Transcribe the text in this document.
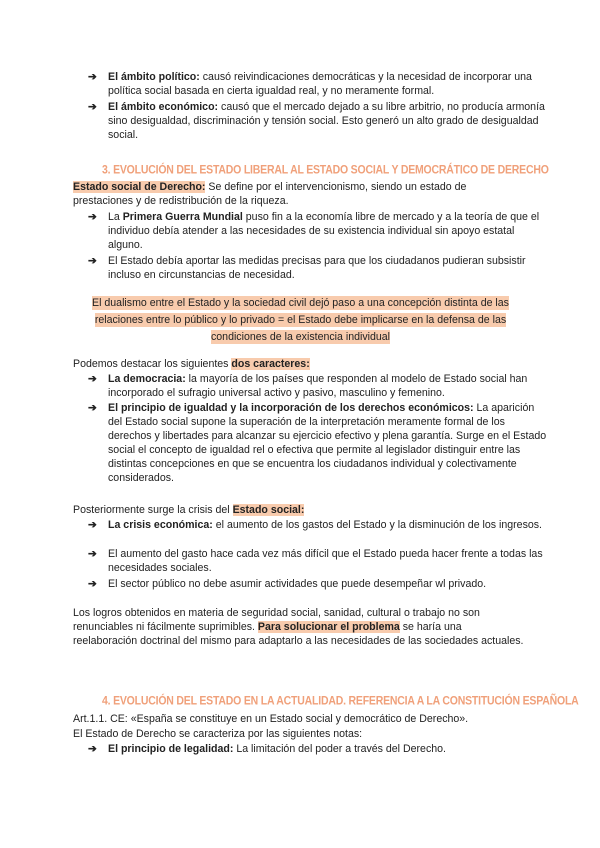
➔ El ámbito político: causó reivindicaciones democráticas y la necesidad de incorporar una política social basada en cierta igualdad real, y no meramente formal.
➔ El ámbito económico: causó que el mercado dejado a su libre arbitrio, no producía armonía sino desigualdad, discriminación y tensión social. Esto generó un alto grado de desigualdad social.
3. EVOLUCIÓN DEL ESTADO LIBERAL AL ESTADO SOCIAL Y DEMOCRÁTICO DE DERECHO
Estado social de Derecho: Se define por el intervencionismo, siendo un estado de prestaciones y de redistribución de la riqueza.
➔ La Primera Guerra Mundial puso fin a la economía libre de mercado y a la teoría de que el individuo debía atender a las necesidades de su existencia individual sin apoyo estatal alguno.
➔ El Estado debía aportar las medidas precisas para que los ciudadanos pudieran subsistir incluso en circunstancias de necesidad.
El dualismo entre el Estado y la sociedad civil dejó paso a una concepción distinta de las
relaciones entre lo público y lo privado = el Estado debe implicarse en la defensa de las
condiciones de la existencia individual
Podemos destacar los siguientes dos caracteres:
➔ La democracia: la mayoría de los países que responden al modelo de Estado social han incorporado el sufragio universal activo y pasivo, masculino y femenino.
➔ El principio de igualdad y la incorporación de los derechos económicos: La aparición del Estado social supone la superación de la interpretación meramente formal de los derechos y libertades para alcanzar su ejercicio efectivo y plena garantía. Surge en el Estado social el concepto de igualdad rel o efectiva que permite al legislador distinguir entre las distintas concepciones en que se encuentra los ciudadanos individual y colectivamente considerados.
Posteriormente surge la crisis del Estado social:
➔ La crisis económica: el aumento de los gastos del Estado y la disminución de los ingresos.
➔ El aumento del gasto hace cada vez más difícil que el Estado pueda hacer frente a todas las necesidades sociales.
➔ El sector público no debe asumir actividades que puede desempeñar wl privado.
Los logros obtenidos en materia de seguridad social, sanidad, cultural o trabajo no son renunciables ni fácilmente suprimibles. Para solucionar el problema se haría una reelaboración doctrinal del mismo para adaptarlo a las necesidades de las sociedades actuales.
4. EVOLUCIÓN DEL ESTADO EN LA ACTUALIDAD. REFERENCIA A LA CONSTITUCIÓN ESPAÑOLA
Art.1.1. CE: «España se constituye en un Estado social y democrático de Derecho».
El Estado de Derecho se caracteriza por las siguientes notas:
➔ El principio de legalidad: La limitación del poder a través del Derecho.
